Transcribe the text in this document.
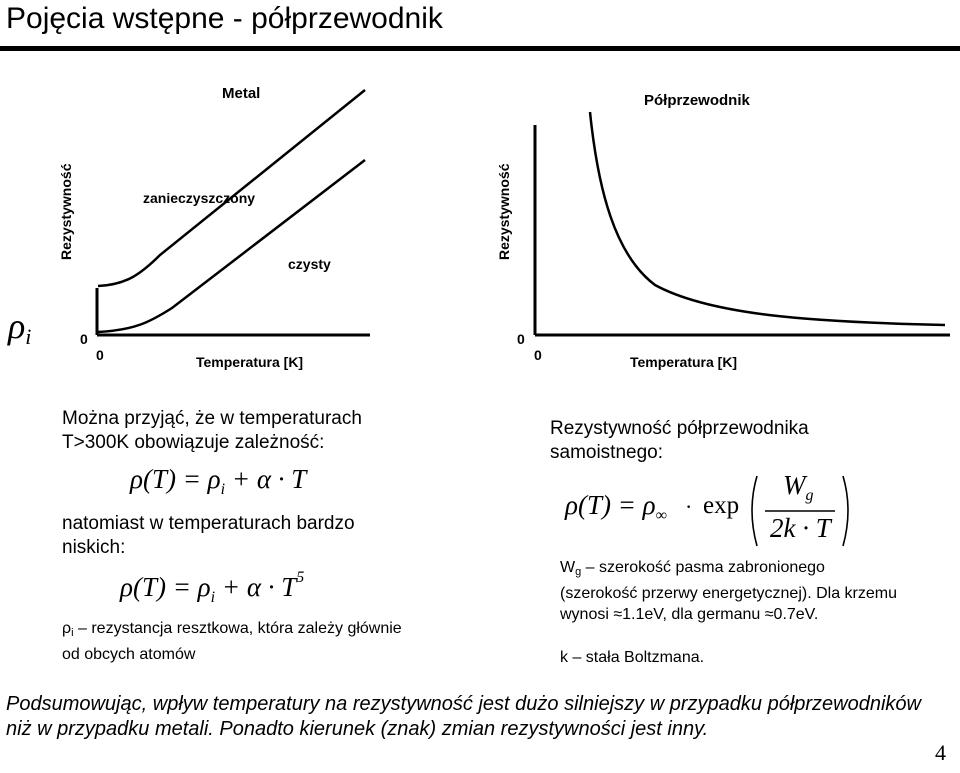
Pojęcia wstępne - półprzewodnik
Metal
Rezystywność
0
0	Temperatura [K]
zanieczyszczony
czysty
ρi
Półprzewodnik
Rezystywność
0
0	Temperatura [K]
Można przyjąć, że w temperaturach T>300K obowiązuje zależność:
$\rho(T) = \rho_i + \alpha \cdot T$
natomiast w temperaturach bardzo niskich:
$\rho(T) = \rho_i + \alpha \cdot T^5$
ρi – rezystancja resztkowa, która zależy głównie od obcych atomów
Rezystywność półprzewodnika samoistnego:
$\rho(T) = \rho_\infty \cdot \exp$
$W_g$
2k · T
Wg – szerokość pasma zabronionego (szerokość przerwy energetycznej). Dla krzemu wynosi ≈1.1eV, dla germanu ≈0.7eV.
k – stała Boltzmana.
Podsumowując, wpływ temperatury na rezystywność jest dużo silniejszy w przypadku półprzewodników niż w przypadku metali. Ponadto kierunek (znak) zmian rezystywności jest inny.
4
